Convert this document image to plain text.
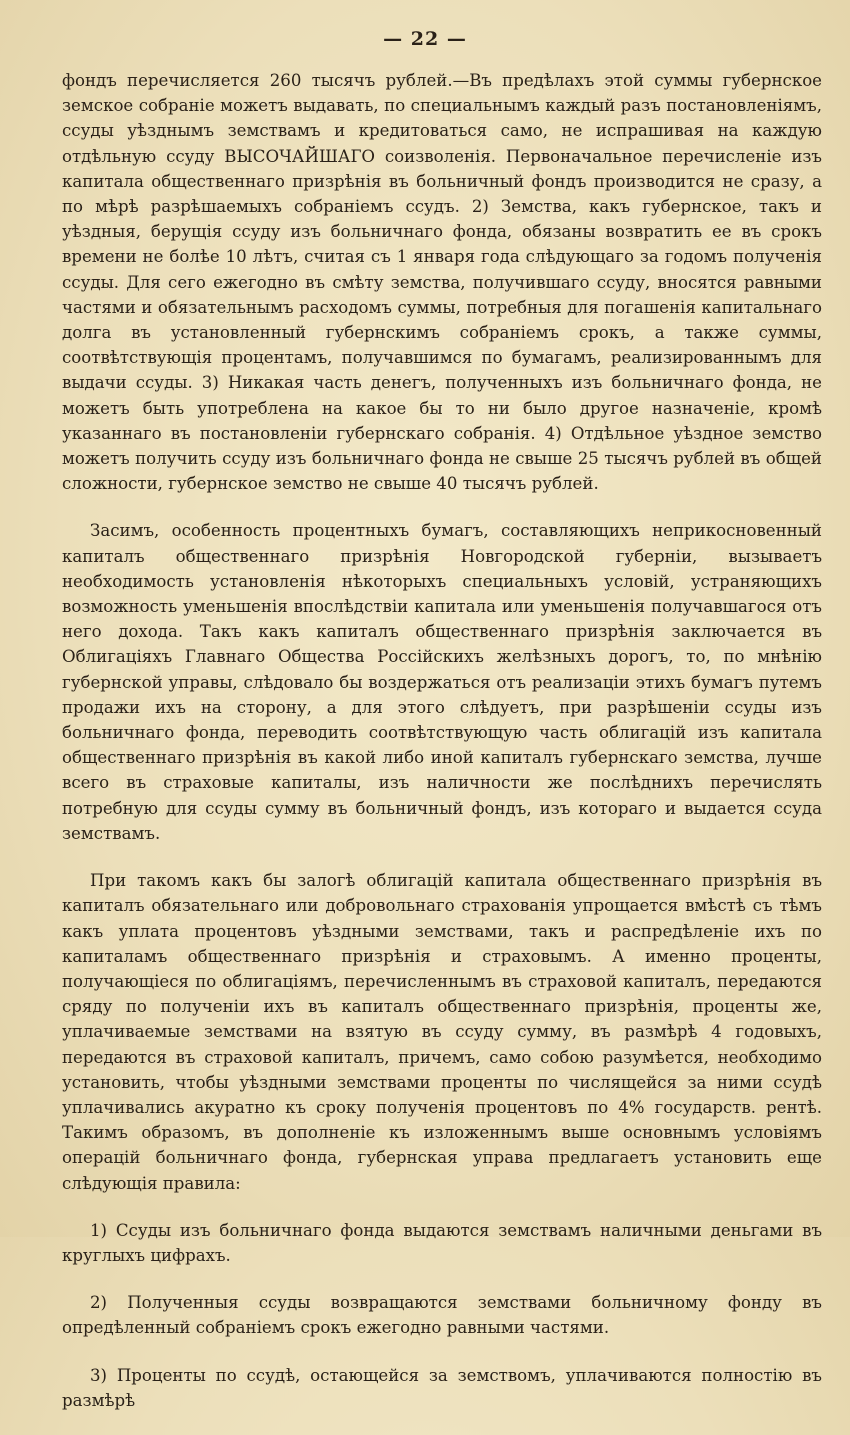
— 22 —

фондъ перечисляется 260 тысячъ рублей.—Въ предѣлахъ этой суммы губернское земское собраніе можетъ выдавать, по специальнымъ каждый разъ постановленіямъ, ссуды уѣзднымъ земствамъ и кредитоваться само, не испрашивая на каждую отдѣльную ссуду ВЫСОЧАЙШАГО соизволенія. Первоначальное перечисленіе изъ капитала общественнаго призрѣнія въ больничный фондъ производится не сразу, а по мѣрѣ разрѣшаемыхъ собраніемъ ссудъ. 2) Земства, какъ губернское, такъ и уѣздныя, берущія ссуду изъ больничнаго фонда, обязаны возвратить ее въ срокъ времени не болѣе 10 лѣтъ, считая съ 1 января года слѣдующаго за годомъ полученія ссуды. Для сего ежегодно въ смѣту земства, получившаго ссуду, вносятся равными частями и обязательнымъ расходомъ суммы, потребныя для погашенія капитальнаго долга въ установленный губернскимъ собраніемъ срокъ, а также суммы, соотвѣтствующія процентамъ, получавшимся по бумагамъ, реализированнымъ для выдачи ссуды. 3) Никакая часть денегъ, полученныхъ изъ больничнаго фонда, не можетъ быть употреблена на какое бы то ни было другое назначеніе, кромѣ указаннаго въ постановленіи губернскаго собранія. 4) Отдѣльное уѣздное земство можетъ получить ссуду изъ больничнаго фонда не свыше 25 тысячъ рублей въ общей сложности, губернское земство не свыше 40 тысячъ рублей.

Засимъ, особенность процентныхъ бумагъ, составляющихъ неприкосновенный капиталъ общественнаго призрѣнія Новгородской губерніи, вызываетъ необходимость установленія нѣкоторыхъ специальныхъ условій, устраняющихъ возможность уменьшенія впослѣдствіи капитала или уменьшенія получавшагося отъ него дохода. Такъ какъ капиталъ общественнаго призрѣнія заключается въ Облигаціяхъ Главнаго Общества Россійскихъ желѣзныхъ дорогъ, то, по мнѣнію губернской управы, слѣдовало бы воздержаться отъ реализаціи этихъ бумагъ путемъ продажи ихъ на сторону, а для этого слѣдуетъ, при разрѣшеніи ссуды изъ больничнаго фонда, переводить соотвѣтствующую часть облигацій изъ капитала общественнаго призрѣнія въ какой либо иной капиталъ губернскаго земства, лучше всего въ страховые капиталы, изъ наличности же послѣднихъ перечислять потребную для ссуды сумму въ больничный фондъ, изъ котораго и выдается ссуда земствамъ.

При такомъ какъ бы залогѣ облигацій капитала общественнаго призрѣнія въ капиталъ обязательнаго или добровольнаго страхованія упрощается вмѣстѣ съ тѣмъ какъ уплата процентовъ уѣздными земствами, такъ и распредѣленіе ихъ по капиталамъ общественнаго призрѣнія и страховымъ. А именно проценты, получающіеся по облигаціямъ, перечисленнымъ въ страховой капиталъ, передаются сряду по полученіи ихъ въ капиталъ общественнаго призрѣнія, проценты же, уплачиваемые земствами на взятую въ ссуду сумму, въ размѣрѣ 4 годовыхъ, передаются въ страховой капиталъ, причемъ, само собою разумѣется, необходимо установить, чтобы уѣздными земствами проценты по числящейся за ними ссудѣ уплачивались акуратно къ сроку полученія процентовъ по 4% государств. рентѣ. Такимъ образомъ, въ дополненіе къ изложеннымъ выше основнымъ условіямъ операцій больничнаго фонда, губернская управа предлагаетъ установить еще слѣдующія правила:

1) Ссуды изъ больничнаго фонда выдаются земствамъ наличными деньгами въ круглыхъ цифрахъ.

2) Полученныя ссуды возвращаются земствами больничному фонду въ опредѣленный собраніемъ срокъ ежегодно равными частями.

3) Проценты по ссудѣ, остающейся за земствомъ, уплачиваются полностію въ размѣрѣ
